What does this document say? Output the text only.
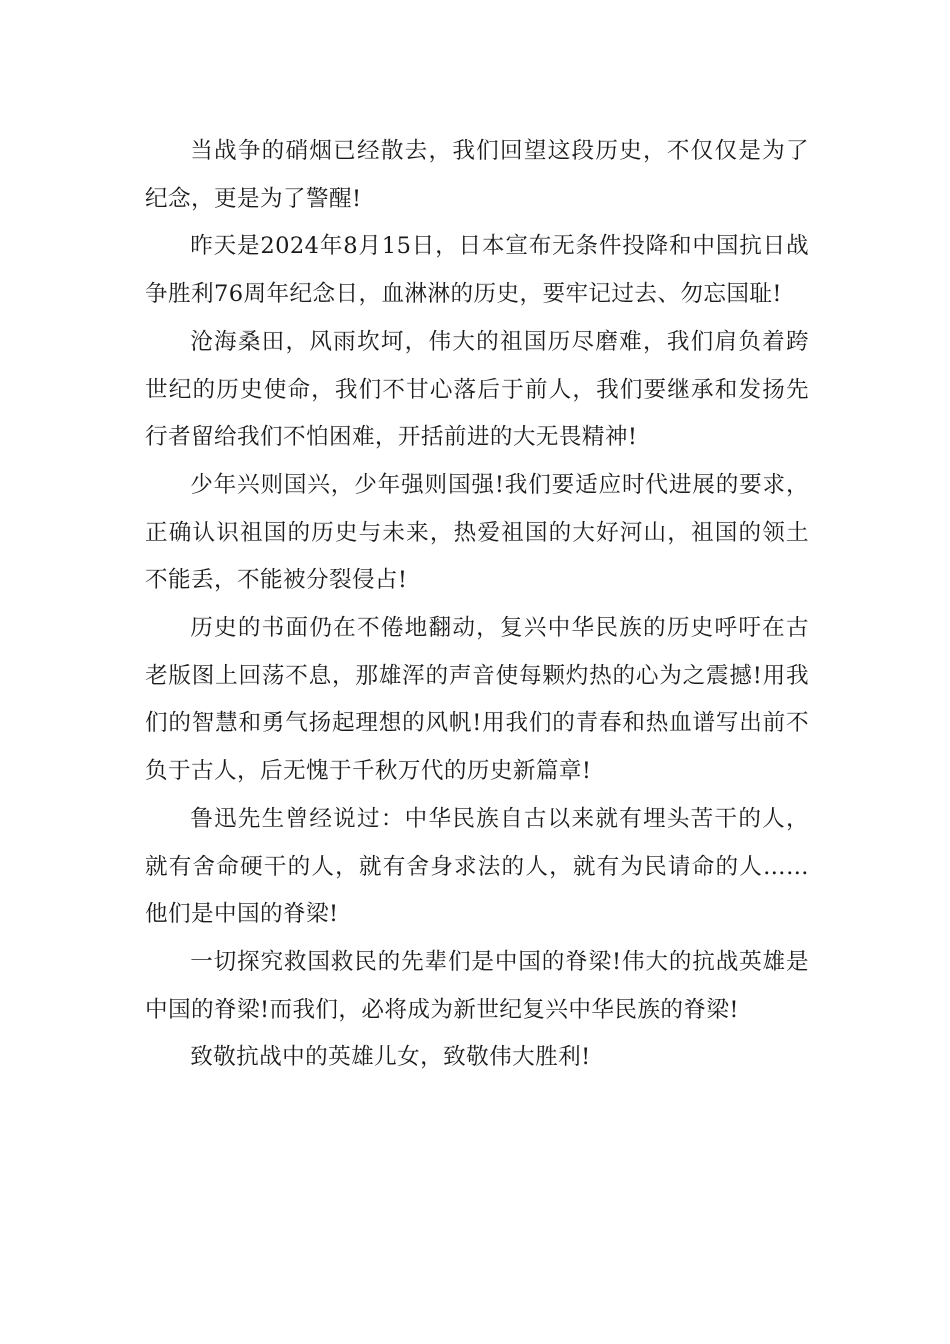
当战争的硝烟已经散去，我们回望这段历史，不仅仅是为了纪念，更是为了警醒!

昨天是2024年8月15日，日本宣布无条件投降和中国抗日战争胜利76周年纪念日，血淋淋的历史，要牢记过去、勿忘国耻!

沧海桑田，风雨坎坷，伟大的祖国历尽磨难，我们肩负着跨世纪的历史使命，我们不甘心落后于前人，我们要继承和发扬先行者留给我们不怕困难，开括前进的大无畏精神!

少年兴则国兴，少年强则国强!我们要适应时代进展的要求，正确认识祖国的历史与未来，热爱祖国的大好河山，祖国的领土不能丢，不能被分裂侵占!

历史的书面仍在不倦地翻动，复兴中华民族的历史呼吁在古老版图上回荡不息，那雄浑的声音使每颗灼热的心为之震撼!用我们的智慧和勇气扬起理想的风帆!用我们的青春和热血谱写出前不负于古人，后无愧于千秋万代的历史新篇章!

鲁迅先生曾经说过：中华民族自古以来就有埋头苦干的人，就有舍命硬干的人，就有舍身求法的人，就有为民请命的人……他们是中国的脊梁!

一切探究救国救民的先辈们是中国的脊梁!伟大的抗战英雄是中国的脊梁!而我们，必将成为新世纪复兴中华民族的脊梁!

致敬抗战中的英雄儿女，致敬伟大胜利!
